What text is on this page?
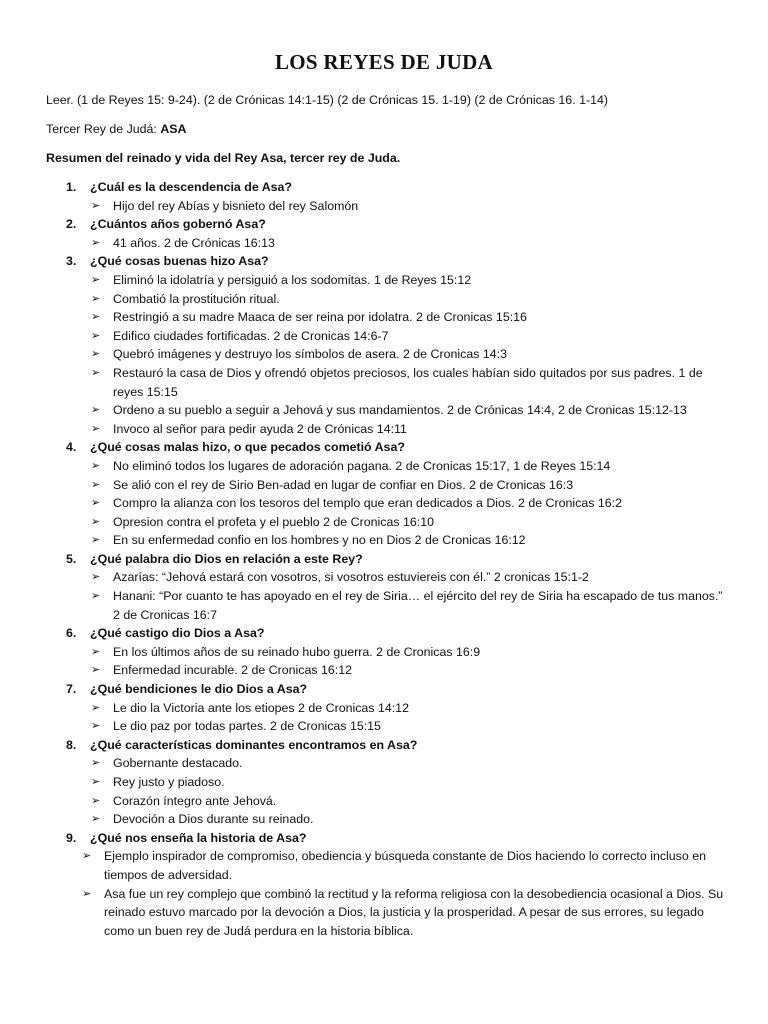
LOS REYES DE JUDA
Leer. (1 de Reyes 15: 9-24). (2 de Crónicas 14:1-15) (2 de Crónicas 15. 1-19) (2 de Crónicas 16. 1-14)
Tercer Rey de Judá: ASA
Resumen del reinado y vida del Rey Asa, tercer rey de Juda.
1. ¿Cuál es la descendencia de Asa?
➢ Hijo del rey Abías y bisnieto del rey Salomón
2. ¿Cuántos años gobernó Asa?
➢ 41 años. 2 de Crónicas 16:13
3. ¿Qué cosas buenas hizo Asa?
➢ Eliminó la idolatría y persiguió a los sodomitas. 1 de Reyes 15:12
➢ Combatió la prostitución ritual.
➢ Restringió a su madre Maaca de ser reina por idolatra. 2 de Cronicas 15:16
➢ Edifico ciudades fortificadas. 2 de Cronicas 14:6-7
➢ Quebró imágenes y destruyo los símbolos de asera. 2 de Cronicas 14:3
➢ Restauró la casa de Dios y ofrendó objetos preciosos, los cuales habían sido quitados por sus padres. 1 de reyes 15:15
➢ Ordeno a su pueblo a seguir a Jehová y sus mandamientos. 2 de Crónicas 14:4, 2 de Cronicas 15:12-13
➢ Invoco al señor para pedir ayuda 2 de Crónicas 14:11
4. ¿Qué cosas malas hizo, o que pecados cometió Asa?
➢ No eliminó todos los lugares de adoración pagana. 2 de Cronicas 15:17, 1 de Reyes 15:14
➢ Se alió con el rey de Sirio Ben-adad en lugar de confiar en Dios. 2 de Cronicas 16:3
➢ Compro la alianza con los tesoros del templo que eran dedicados a Dios. 2 de Cronicas 16:2
➢ Opresion contra el profeta y el pueblo 2 de Cronicas 16:10
➢ En su enfermedad confio en los hombres y no en Dios 2 de Cronicas 16:12
5. ¿Qué palabra dio Dios en relación a este Rey?
➢ Azarías: “Jehová estará con vosotros, si vosotros estuviereis con él.” 2 cronicas 15:1-2
➢ Hanani: “Por cuanto te has apoyado en el rey de Siria… el ejército del rey de Siria ha escapado de tus manos.” 2 de Cronicas 16:7
6. ¿Qué castigo dio Dios a Asa?
➢ En los últimos años de su reinado hubo guerra. 2 de Cronicas 16:9
➢ Enfermedad incurable. 2 de Cronicas 16:12
7. ¿Qué bendiciones le dio Dios a Asa?
➢ Le dio la Victoria ante los etiopes 2 de Cronicas 14:12
➢ Le dio paz por todas partes. 2 de Cronicas 15:15
8. ¿Qué características dominantes encontramos en Asa?
➢ Gobernante destacado.
➢ Rey justo y piadoso.
➢ Corazón íntegro ante Jehová.
➢ Devoción a Dios durante su reinado.
9. ¿Qué nos enseña la historia de Asa?
➢ Ejemplo inspirador de compromiso, obediencia y búsqueda constante de Dios haciendo lo correcto incluso en tiempos de adversidad.
➢ Asa fue un rey complejo que combinó la rectitud y la reforma religiosa con la desobediencia ocasional a Dios. Su reinado estuvo marcado por la devoción a Dios, la justicia y la prosperidad. A pesar de sus errores, su legado como un buen rey de Judá perdura en la historia bíblica.
